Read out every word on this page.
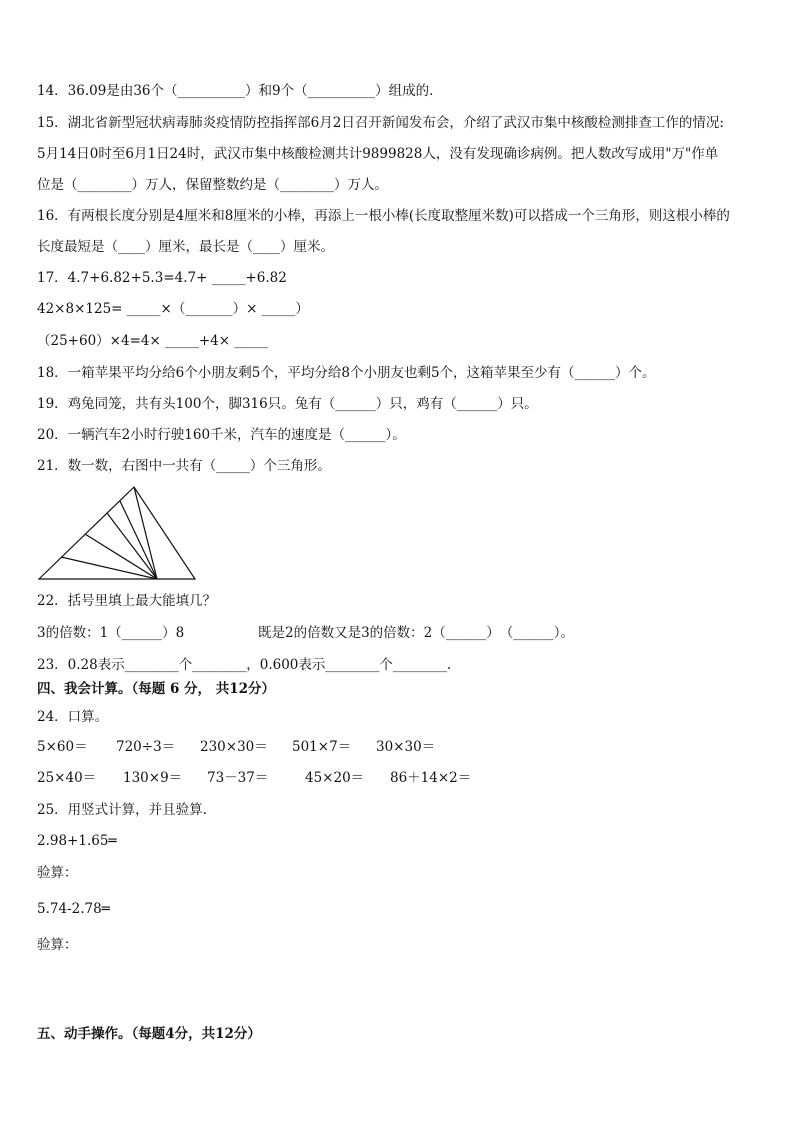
14．36.09是由36个（__________）和9个（__________）组成的.
15．湖北省新型冠状病毒肺炎疫情防控指挥部6月2日召开新闻发布会，介绍了武汉市集中核酸检测排查工作的情况:
5月14日0时至6月1日24时，武汉市集中核酸检测共计9899828人，没有发现确诊病例。把人数改写成用"万"作单
位是（________）万人，保留整数约是（________）万人。
16．有两根长度分别是4厘米和8厘米的小棒，再添上一根小棒(长度取整厘米数)可以搭成一个三角形，则这根小棒的
长度最短是（____）厘米，最长是（____）厘米。
17．4.7+6.82+5.3=4.7+ _____+6.82
42×8×125= _____×（_______）× _____）
（25+60）×4=4× _____+4× _____
18．一箱苹果平均分给6个小朋友剩5个，平均分给8个小朋友也剩5个，这箱苹果至少有（______）个。
19．鸡兔同笼，共有头100个，脚316只。兔有（______）只，鸡有（______）只。
20．一辆汽车2小时行驶160千米，汽车的速度是（______）。
21．数一数，右图中一共有（_____）个三角形。
22．括号里填上最大能填几？
3的倍数：1（______）8	既是2的倍数又是3的倍数：2（______）　（______）。
23．0.28表示________个________，0.600表示________个________.
四、我会计算。（每题 6 分， 共12分）
24．口算。
5×60＝ 720÷3＝ 230×30＝ 501×7＝ 30×30＝
25×40＝ 130×9＝ 73－37＝	45×20＝ 86＋14×2＝
25．用竖式计算，并且验算.
2.98+1.65═
验算：
5.74-2.78═
验算：
五、动手操作。（每题4分，共12分）
